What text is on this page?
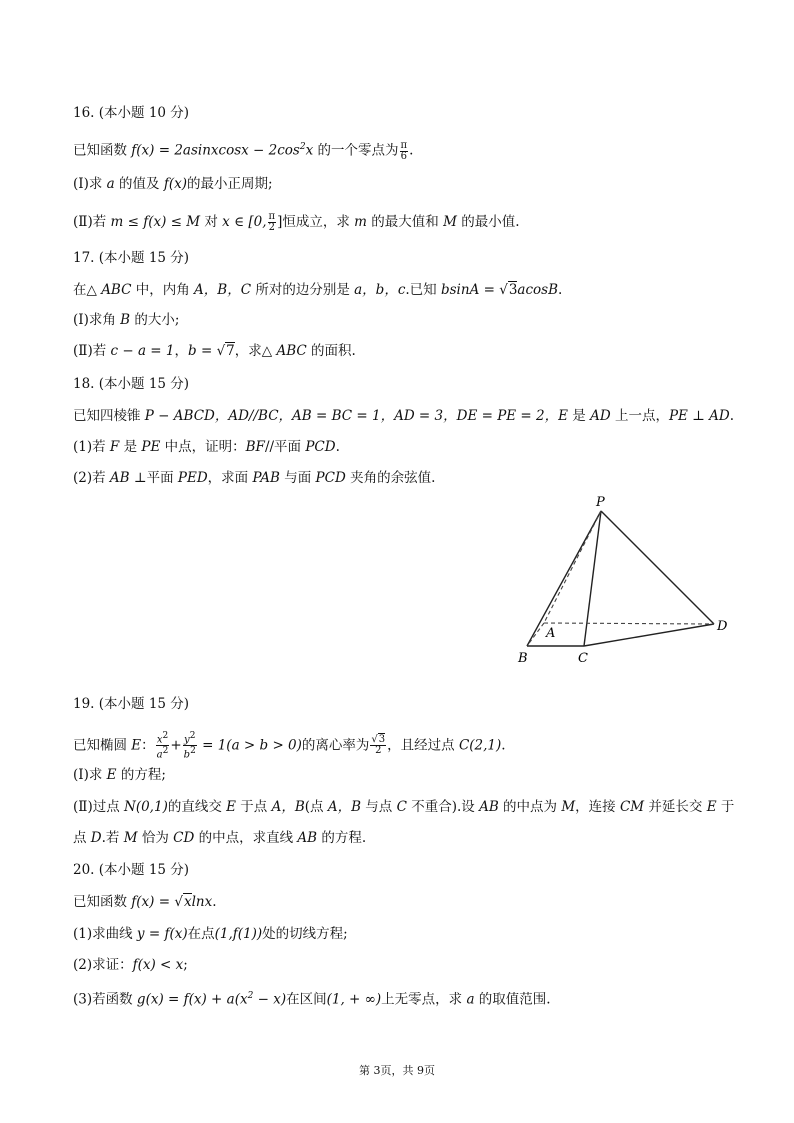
16. (本小题 10 分)
已知函数 f(x) = 2asinxcosx − $2\cos^2x$ 的一个零点为 $\frac{\pi}{6}$ .
(Ⅰ)求 a 的值及 f(x)的最小正周期;
(Ⅱ)若 m ≤ f(x) ≤ M 对 x ∈ [0, $\frac{\pi}{2}$ ]恒成立，求 m 的最大值和 M 的最小值.
17. (本小题 15 分)
在△ ABC 中，内角 A，B，C 所对的边分别是 a，b，c.已知 bsinA = √3acosB.
(Ⅰ)求角 B 的大小;
(Ⅱ)若 c − a = 1，b = √7，求△ ABC 的面积.
18. (本小题 15 分)
已知四棱锥 P − ABCD，AD//BC，AB = BC = 1，AD = 3，DE = PE = 2，E 是 AD 上一点，PE ⊥ AD.
(1)若 F 是 PE 中点，证明：BF//平面 PCD.
(2)若 AB ⊥平面 PED，求面 PAB 与面 PCD 夹角的余弦值.
P
A
B	C
D
19. (本小题 15 分)
已知椭圆 E： $\frac{x^2}{a^2} + \frac{y^2}{b^2} = 1(a > b > 0)$的离心率为 $\frac{√3}{2}$ ，且经过点 C(2,1).
(Ⅰ)求 E 的方程;
(Ⅱ)过点 N(0,1)的直线交 E 于点 A，B(点 A，B 与点 C 不重合).设 AB 的中点为 M，连接 CM 并延长交 E 于
点 D.若 M 恰为 CD 的中点，求直线 AB 的方程.
20. (本小题 15 分)
已知函数 f(x) = √xlnx.
(1)求曲线 y = f(x)在点(1,f(1))处的切线方程;
(2)求证：f(x) < x;
(3)若函数 $g(x) = f(x) + a(x^2 - x)$在区间(1, + ∞)上无零点，求 a 的取值范围.
第 3页，共 9页
